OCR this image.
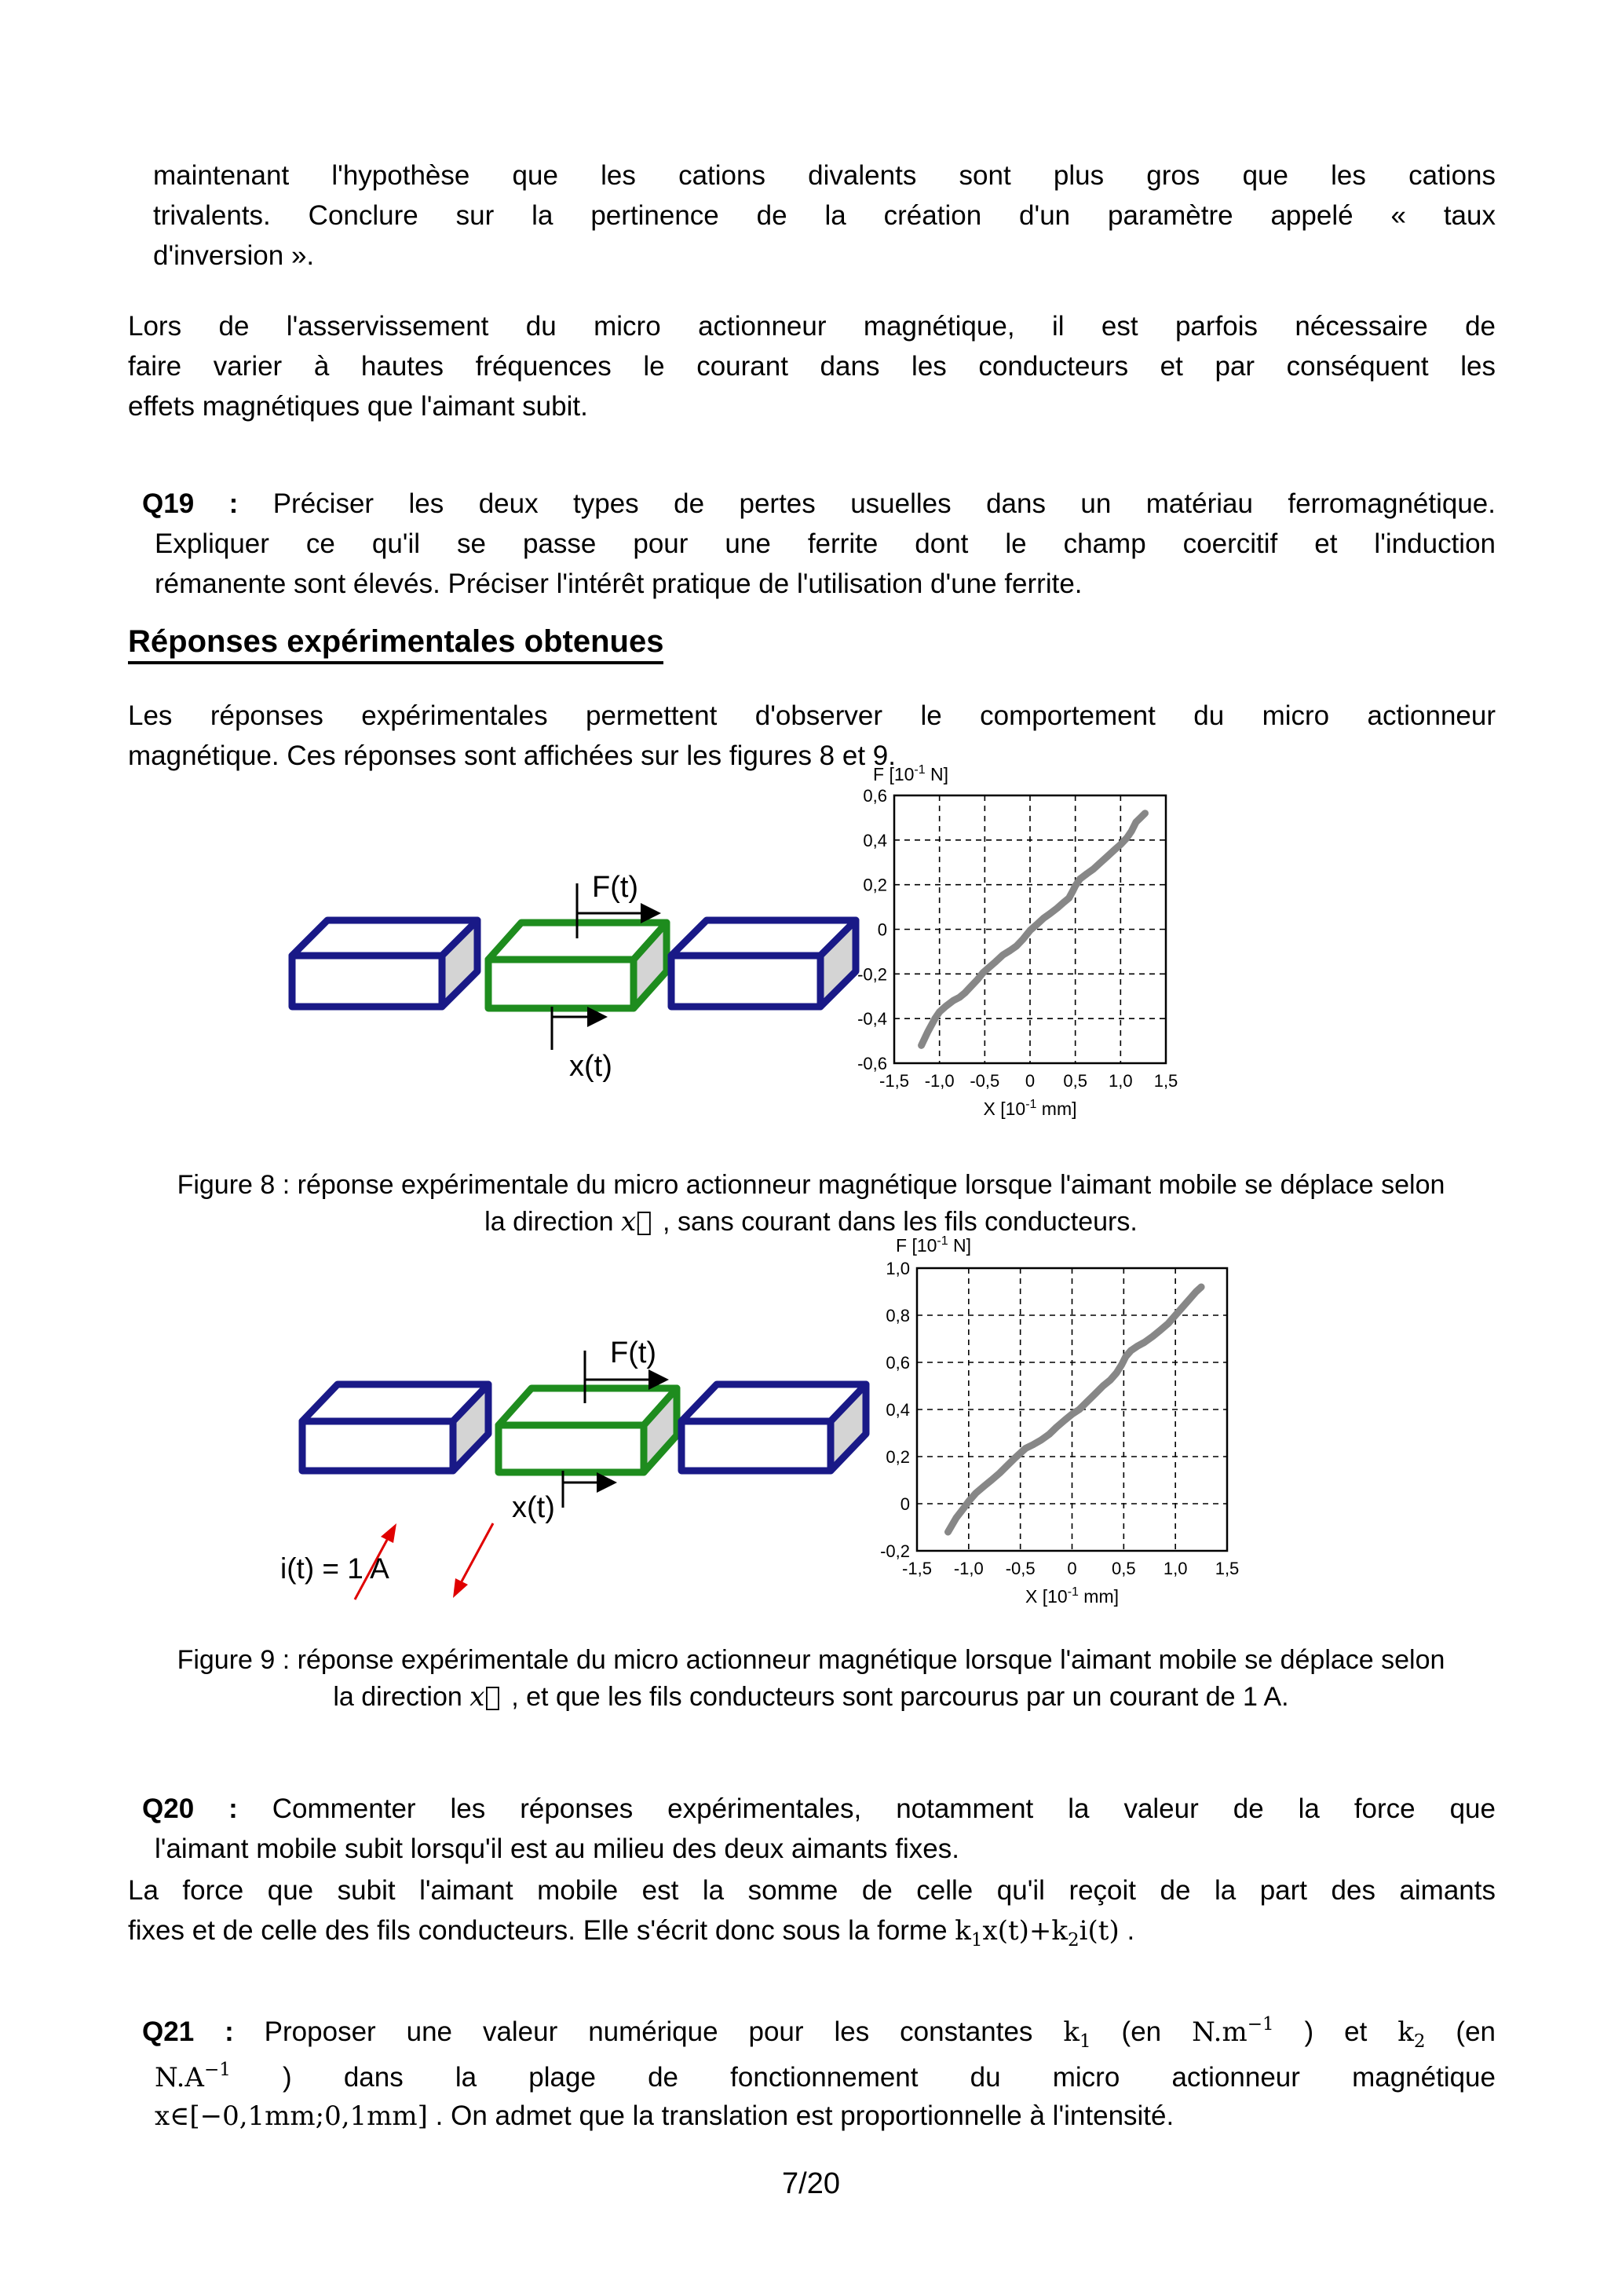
maintenant l'hypothèse que les cations divalents sont plus gros que les cations
trivalents. Conclure sur la pertinence de la création d'un paramètre appelé « taux
d'inversion ».
Lors de l'asservissement du micro actionneur magnétique, il est parfois nécessaire de
faire varier à hautes fréquences le courant dans les conducteurs et par conséquent les
effets magnétiques que l'aimant subit.
Q19 : Préciser les deux types de pertes usuelles dans un matériau ferromagnétique.
Expliquer ce qu'il se passe pour une ferrite dont le champ coercitif et l'induction
rémanente sont élevés. Préciser l'intérêt pratique de l'utilisation d'une ferrite.
Réponses expérimentales obtenues
Les réponses expérimentales permettent d'observer le comportement du micro actionneur
magnétique. Ces réponses sont affichées sur les figures 8 et 9.
0,6
0,4
0,2
0
-0,2
-0,4
-0,6
-1,5 -1,0 -0,5 0 0,5 1,0 1,5
F [$10^{-1}$ N]
X [$10^{-1}$ mm]
F(t)
x(t)
Figure 8 : réponse expérimentale du micro actionneur magnétique lorsque l'aimant mobile se déplace selon
la direction x⃗ , sans courant dans les fils conducteurs.
1,0
0,8
0,6
0,4
0,2
0
-0,2
-1,5 -1,0 -0,5 0 0,5 1,0 1,5
F [$10^{-1}$ N]
X [$10^{-1}$ mm]
F(t)
x(t)
i(t) = 1 A
Figure 9 : réponse expérimentale du micro actionneur magnétique lorsque l'aimant mobile se déplace selon
la direction x⃗ , et que les fils conducteurs sont parcourus par un courant de 1 A.
Q20 : Commenter les réponses expérimentales, notamment la valeur de la force que
l'aimant mobile subit lorsqu'il est au milieu des deux aimants fixes.
La force que subit l'aimant mobile est la somme de celle qu'il reçoit de la part des aimants
fixes et de celle des fils conducteurs. Elle s'écrit donc sous la forme $k_1x(t)+k_2i(t)$ .
Q21 : Proposer une valeur numérique pour les constantes $k_1$ (en $N.m^{-1}$ ) et $k_2$ (en
$N.A^{-1}$ ) dans la plage de fonctionnement du micro actionneur magnétique
x∈[−0,1mm;0,1mm] . On admet que la translation est proportionnelle à l'intensité.
7/20
